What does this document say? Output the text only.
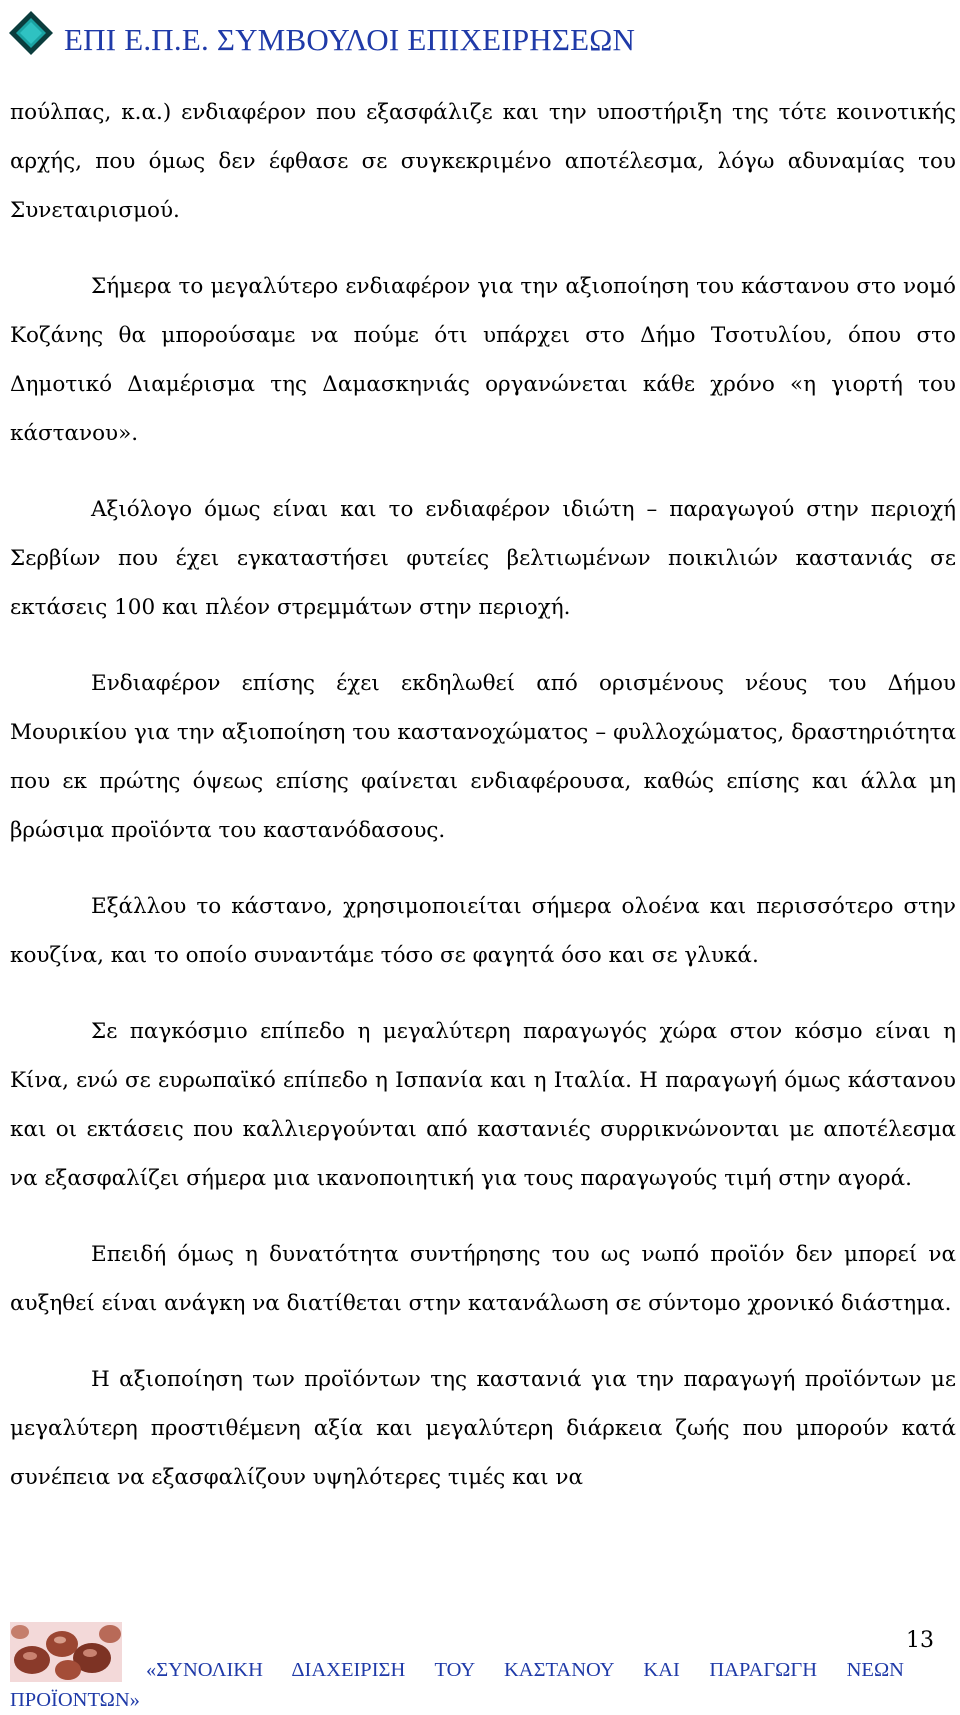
ΕΠΙ Ε.Π.Ε. ΣΥΜΒΟΥΛΟΙ ΕΠΙΧΕΙΡΗΣΕΩΝ

πούλπας, κ.α.) ενδιαφέρον που εξασφάλιζε και την υποστήριξη της τότε κοινοτικής αρχής, που όμως δεν έφθασε σε συγκεκριμένο αποτέλεσμα, λόγω αδυναμίας του Συνεταιρισμού.

Σήμερα το μεγαλύτερο ενδιαφέρον για την αξιοποίηση του κάστανου στο νομό Κοζάνης θα μπορούσαμε να πούμε ότι υπάρχει στο Δήμο Τσοτυλίου, όπου στο Δημοτικό Διαμέρισμα της Δαμασκηνιάς οργανώνεται κάθε χρόνο «η γιορτή του κάστανου».

Αξιόλογο όμως είναι και το ενδιαφέρον ιδιώτη – παραγωγού στην περιοχή Σερβίων που έχει εγκαταστήσει φυτείες βελτιωμένων ποικιλιών καστανιάς σε εκτάσεις 100 και πλέον στρεμμάτων στην περιοχή.

Ενδιαφέρον επίσης έχει εκδηλωθεί από ορισμένους νέους του Δήμου Μουρικίου για την αξιοποίηση του καστανοχώματος – φυλλοχώματος, δραστηριότητα που εκ πρώτης όψεως επίσης φαίνεται ενδιαφέρουσα, καθώς επίσης και άλλα μη βρώσιμα προϊόντα του καστανόδασους.

Εξάλλου το κάστανο, χρησιμοποιείται σήμερα ολοένα και περισσότερο στην κουζίνα, και το οποίο συναντάμε τόσο σε φαγητά όσο και σε γλυκά.

Σε παγκόσμιο επίπεδο η μεγαλύτερη παραγωγός χώρα στον κόσμο είναι η Κίνα, ενώ σε ευρωπαϊκό επίπεδο η Ισπανία και η Ιταλία. Η παραγωγή όμως κάστανου και οι εκτάσεις που καλλιεργούνται από καστανιές συρρικνώνονται με αποτέλεσμα να εξασφαλίζει σήμερα μια ικανοποιητική για τους παραγωγούς τιμή στην αγορά.

Επειδή όμως η δυνατότητα συντήρησης του ως νωπό προϊόν δεν μπορεί να αυξηθεί είναι ανάγκη να διατίθεται στην κατανάλωση σε σύντομο χρονικό διάστημα.

Η αξιοποίηση των προϊόντων της καστανιά για την παραγωγή προϊόντων με μεγαλύτερη προστιθέμενη αξία και μεγαλύτερη διάρκεια ζωής που μπορούν κατά συνέπεια να εξασφαλίζουν υψηλότερες τιμές και να

13
«ΣΥΝΟΛΙΚΗ ΔΙΑΧΕΙΡΙΣΗ ΤΟΥ ΚΑΣΤΑΝΟΥ ΚΑΙ ΠΑΡΑΓΩΓΗ ΝΕΩΝ ΠΡΟΪΟΝΤΩΝ»
